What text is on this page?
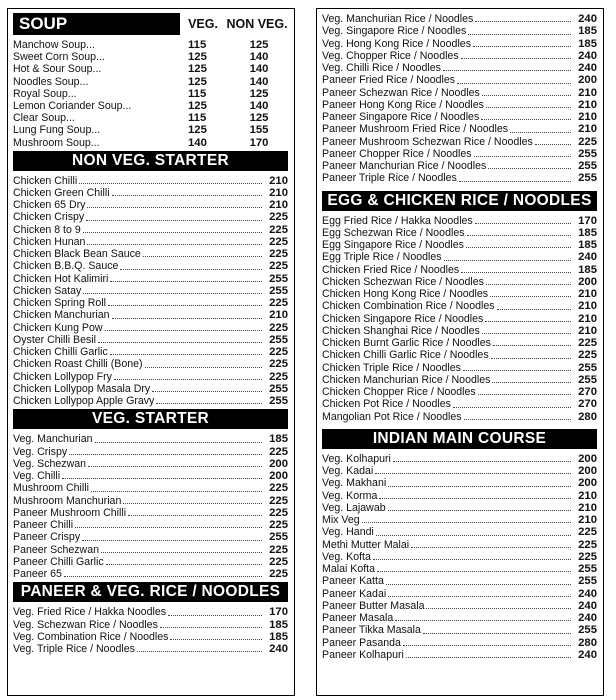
SOUP	VEG. NON VEG.
Manchow Soup...	115	125
Sweet Corn Soup...	125	140
Hot & Sour Soup...	125	140
Noodles Soup...	125	140
Royal Soup...	115	125
Lemon Coriander Soup...	125	140
Clear Soup...	115	125
Lung Fung Soup...	125	155
Mushroom Soup...	140	170
NON VEG. STARTER
Chicken Chilli	210
Chicken Green Chilli	210
Chicken 65 Dry	210
Chicken Crispy	225
Chicken 8 to 9	225
Chicken Hunan	225
Chicken Black Bean Sauce	225
Chicken B.B.Q. Sauce	225
Chicken Hot Kalimiri	255
Chicken Satay	255
Chicken Spring Roll	225
Chicken Manchurian	210
Chicken Kung Pow	225
Oyster Chilli Besil	255
Chicken Chilli Garlic	225
Chicken Roast Chilli (Bone)	225
Chicken Lollypop Fry	225
Chicken Lollypop Masala Dry	255
Chicken Lollypop Apple Gravy	255
VEG. STARTER
Veg. Manchurian	185
Veg. Crispy	225
Veg. Schezwan	200
Veg. Chilli	200
Mushroom Chilli	225
Mushroom Manchurian	225
Paneer Mushroom Chilli	225
Paneer Chilli	225
Paneer Crispy	255
Paneer Schezwan	225
Paneer Chilli Garlic	225
Paneer 65	225
PANEER & VEG. RICE / NOODLES
Veg. Fried Rice / Hakka Noodles	170
Veg. Schezwan Rice / Noodles	185
Veg. Combination Rice / Noodles	185
Veg. Triple Rice / Noodles	240
Veg. Manchurian Rice / Noodles	240
Veg. Singapore Rice / Noodles	185
Veg. Hong Kong Rice / Noodles	185
Veg. Chopper Rice / Noodles	240
Veg. Chilli Rice / Noodles	240
Paneer Fried Rice / Noodles	200
Paneer Schezwan Rice / Noodles	210
Paneer Hong Kong Rice / Noodles	210
Paneer Singapore Rice / Noodles	210
Paneer Mushroom Fried Rice / Noodles	210
Paneer Mushroom Schezwan Rice / Noodles	225
Paneer Chopper Rice / Noodles	255
Paneer Manchurian Rice / Noodles	255
Paneer Triple Rice / Noodles	255
EGG & CHICKEN RICE / NOODLES
Egg Fried Rice / Hakka Noodles	170
Egg Schezwan Rice / Noodles	185
Egg Singapore Rice / Noodles	185
Egg Triple Rice / Noodles	240
Chicken Fried Rice / Noodles	185
Chicken Schezwan Rice / Noodles	200
Chicken Hong Kong Rice / Noodles	210
Chicken Combination Rice / Noodles	210
Chicken Singapore Rice / Noodles	210
Chicken Shanghai Rice / Noodles	210
Chicken Burnt Garlic Rice / Noodles	225
Chicken Chilli Garlic Rice / Noodles	225
Chicken Triple Rice / Noodles	255
Chicken Manchurian Rice / Noodles	255
Chicken Chopper Rice / Noodles	270
Chicken Pot Rice / Noodles	270
Mangolian Pot Rice / Noodles	280
INDIAN MAIN COURSE
Veg. Kolhapuri	200
Veg. Kadai	200
Veg. Makhani	200
Veg. Korma	210
Veg. Lajawab	210
Mix Veg	210
Veg. Handi	225
Methi Mutter Malai	225
Veg. Kofta	225
Malai Kofta	255
Paneer Katta	255
Paneer Kadai	240
Paneer Butter Masala	240
Paneer Masala	240
Paneer Tikka Masala	255
Paneer Pasanda	280
Paneer Kolhapuri	240
